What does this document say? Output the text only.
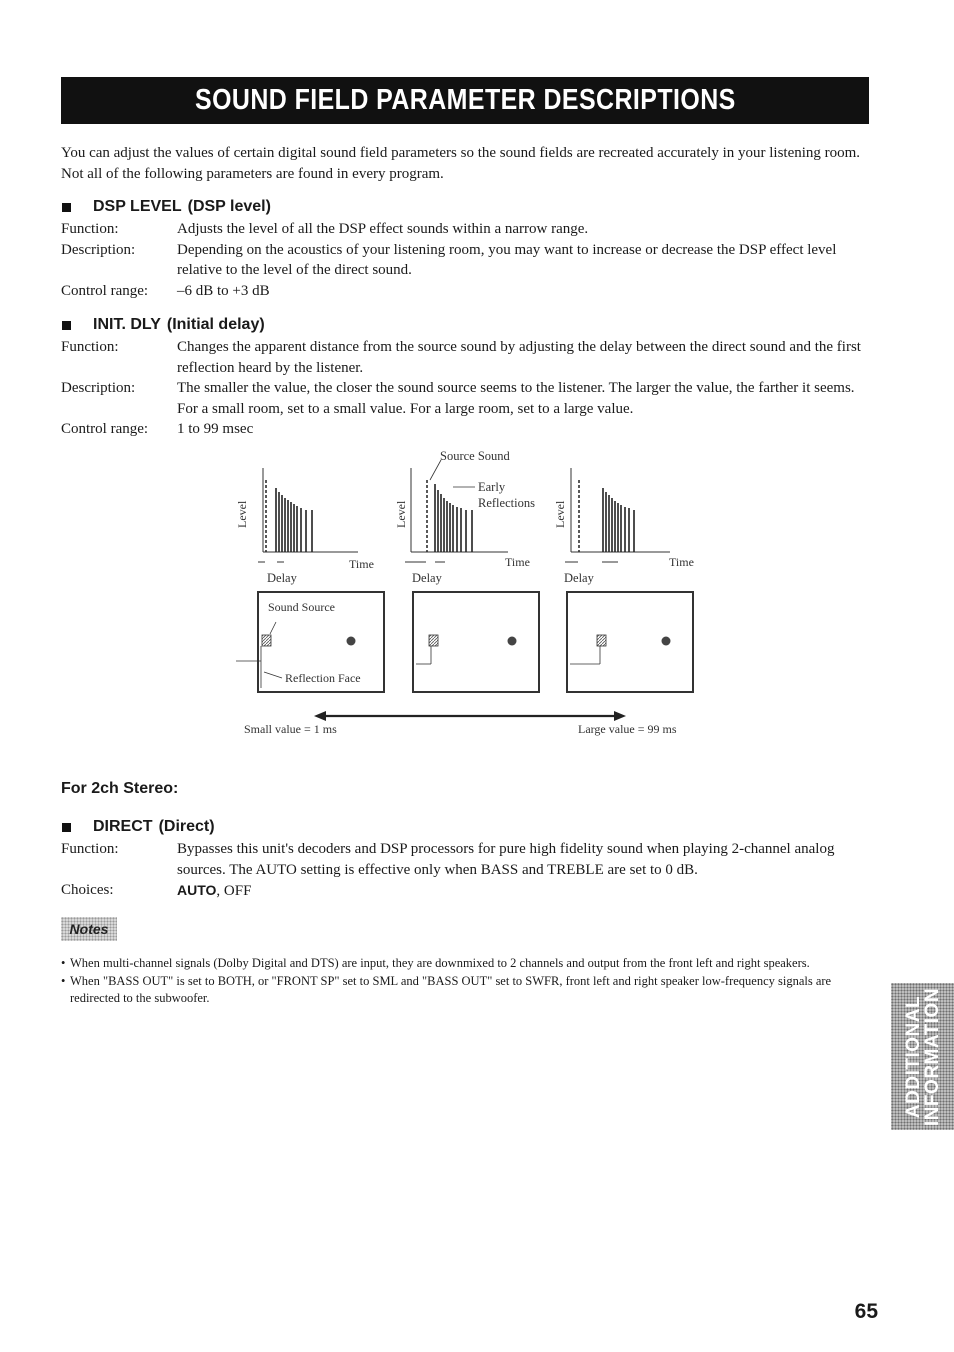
SOUND FIELD PARAMETER DESCRIPTIONS

You can adjust the values of certain digital sound field parameters so the sound fields are recreated accurately in your listening room. Not all of the following parameters are found in every program.

DSP LEVEL (DSP level)
Function:	Adjusts the level of all the DSP effect sounds within a narrow range.
Description:	Depending on the acoustics of your listening room, you may want to increase or decrease the DSP effect level relative to the level of the direct sound.
Control range:	–6 dB to +3 dB
INIT. DLY (Initial delay)
Function:	Changes the apparent distance from the source sound by adjusting the delay between the direct sound and the first reflection heard by the listener.
Description:	The smaller the value, the closer the sound source seems to the listener. The larger the value, the farther it seems. For a small room, set to a small value. For a large room, set to a large value.
Control range:	1 to 99 msec
Level
Time
Delay
Source Sound
Early
Reflections
Level
Time
Delay
Level
Time
Delay
Sound Source
Reflection Face
Small value = 1 ms	Large value = 99 ms
For 2ch Stereo:
DIRECT (Direct)
Function:	Bypasses this unit's decoders and DSP processors for pure high fidelity sound when playing 2-channel analog sources. The AUTO setting is effective only when BASS and TREBLE are set to 0 dB.
Choices:	AUTO, OFF
Notes
• When multi-channel signals (Dolby Digital and DTS) are input, they are downmixed to 2 channels and output from the front left and right speakers.
• When "BASS OUT" is set to BOTH, or "FRONT SP" set to SML and "BASS OUT" set to SWFR, front left and right speaker low-frequency signals are redirected to the subwoofer.	ADDITIONAL
INFORMATION
65
